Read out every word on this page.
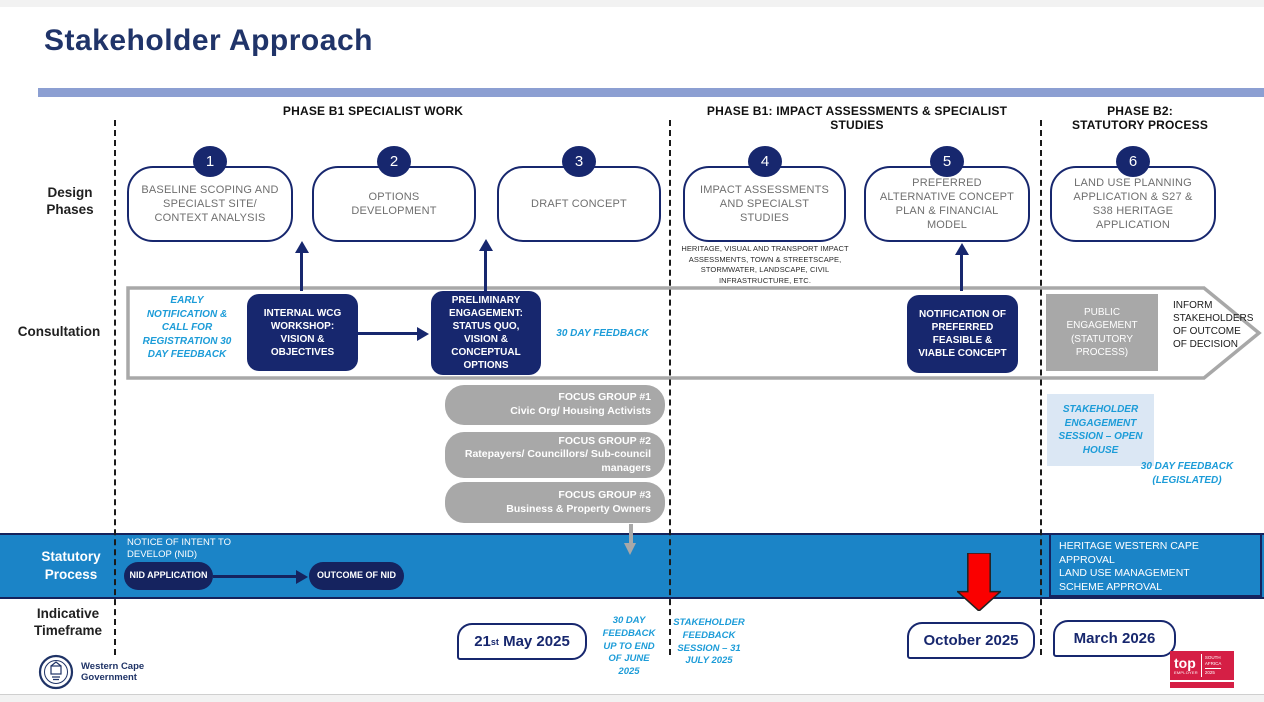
Stakeholder Approach
PHASE B1 SPECIALIST WORK	PHASE B1: IMPACT ASSESSMENTS & SPECIALIST STUDIES
PHASE B2: STATUTORY PROCESS
Design Phases
Consultation
1	2	3	4	5	6
BASELINE SCOPING AND SPECIALST SITE/ CONTEXT ANALYSIS
OPTIONS DEVELOPMENT
DRAFT CONCEPT
IMPACT ASSESSMENTS AND SPECIALST STUDIES
PREFERRED ALTERNATIVE CONCEPT PLAN & FINANCIAL MODEL
LAND USE PLANNING APPLICATION & S27 & S38 HERITAGE APPLICATION
HERITAGE, VISUAL AND TRANSPORT IMPACT ASSESSMENTS, TOWN & STREETSCAPE, STORMWATER, LANDSCAPE, CIVIL INFRASTRUCTURE, ETC.
EARLY NOTIFICATION & CALL FOR REGISTRATION 30 DAY FEEDBACK
INTERNAL WCG WORKSHOP: VISION & OBJECTIVES
PRELIMINARY ENGAGEMENT: STATUS QUO, VISION & CONCEPTUAL OPTIONS
30 DAY FEEDBACK
NOTIFICATION OF PREFERRED FEASIBLE & VIABLE CONCEPT
PUBLIC ENGAGEMENT (STATUTORY PROCESS)
INFORM STAKEHOLDERS OF OUTCOME OF DECISION
FOCUS GROUP #1
Civic Org/ Housing Activists
FOCUS GROUP #2
Ratepayers/ Councillors/ Sub-council managers
FOCUS GROUP #3
Business & Property Owners
STAKEHOLDER ENGAGEMENT SESSION – OPEN HOUSE
30 DAY FEEDBACK (LEGISLATED)
Statutory Process
NOTICE OF INTENT TO DEVELOP (NID)
NID APPLICATION	OUTCOME OF NID
HERITAGE WESTERN CAPE APPROVAL
LAND USE MANAGEMENT SCHEME APPROVAL
Indicative Timeframe
21 st
May 2025
30 DAY FEEDBACK UP TO END OF JUNE 2025
STAKEHOLDER FEEDBACK SESSION – 31 JULY 2025
October 2025	March 2026
Western Cape
Government
top
EMPLOYER
SOUTH
AFRICA
2025
